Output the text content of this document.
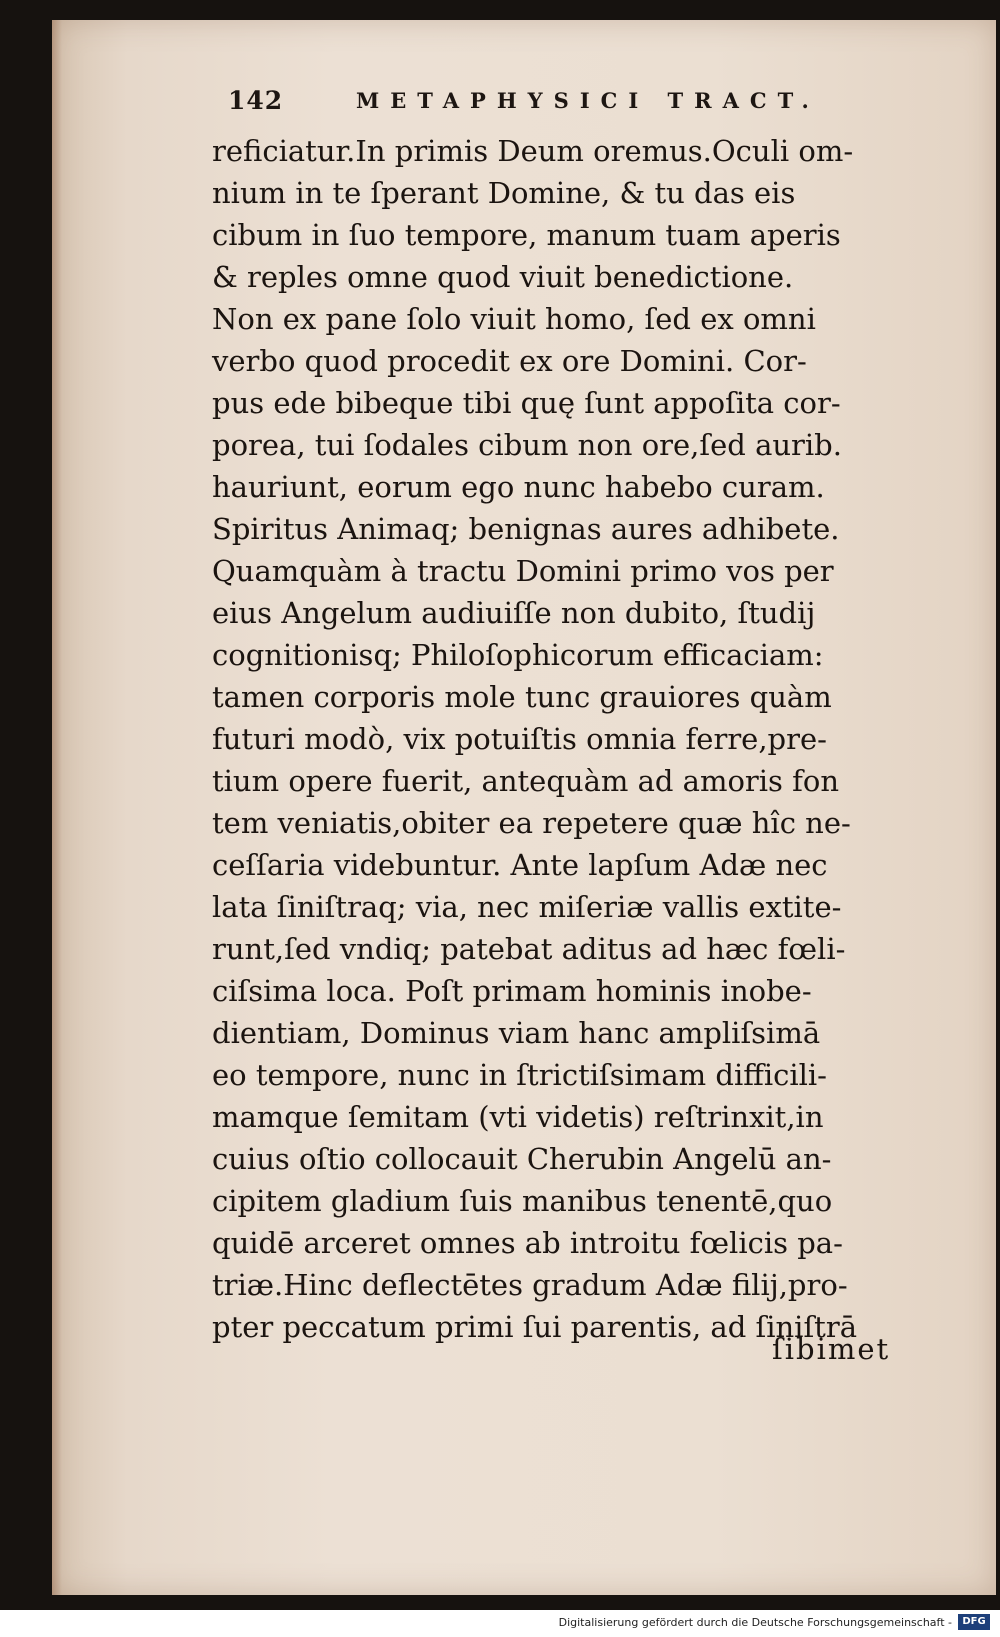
142	METAPHYSICI TRACT.
reficiatur.In primis Deum oremus.Oculi om-
nium in te ſperant Domine, & tu das eis
cibum in ſuo tempore, manum tuam aperis
& reples omne quod viuit benedictione.
Non ex pane ſolo viuit homo, ſed ex omni
verbo quod procedit ex ore Domini. Cor-
pus ede bibeque tibi quę ſunt appoſita cor-
porea, tui ſodales cibum non ore,ſed aurib.
hauriunt, eorum ego nunc habebo curam.
Spiritus Animaq; benignas aures adhibete.
Quamquàm à tractu Domini primo vos per
eius Angelum audiuiſſe non dubito, ſtudij
cognitionisq; Philoſophicorum efficaciam:
tamen corporis mole tunc grauiores quàm
futuri modò, vix potuiſtis omnia ferre,pre-
tium opere fuerit, antequàm ad amoris fon
tem veniatis,obiter ea repetere quæ hîc ne-
ceſſaria videbuntur. Ante lapſum Adæ nec
lata ſiniſtraq; via, nec miſeriæ vallis extite-
runt,ſed vndiq; patebat aditus ad hæc fœli-
ciſsima loca. Poſt primam hominis inobe-
dientiam, Dominus viam hanc ampliſsimā
eo tempore, nunc in ſtrictiſsimam difficili-
mamque ſemitam (vti videtis) reſtrinxit,in
cuius oſtio collocauit Cherubin Angelū an-
cipitem gladium ſuis manibus tenentē,quo
quidē arceret omnes ab introitu fœlicis pa-
triæ.Hinc deflectētes gradum Adæ filij,pro-
pter peccatum primi ſui parentis, ad ſiniſtrā
ſibimet
Digitalisierung gefördert durch die Deutsche Forschungsgemeinschaft -	DFG
